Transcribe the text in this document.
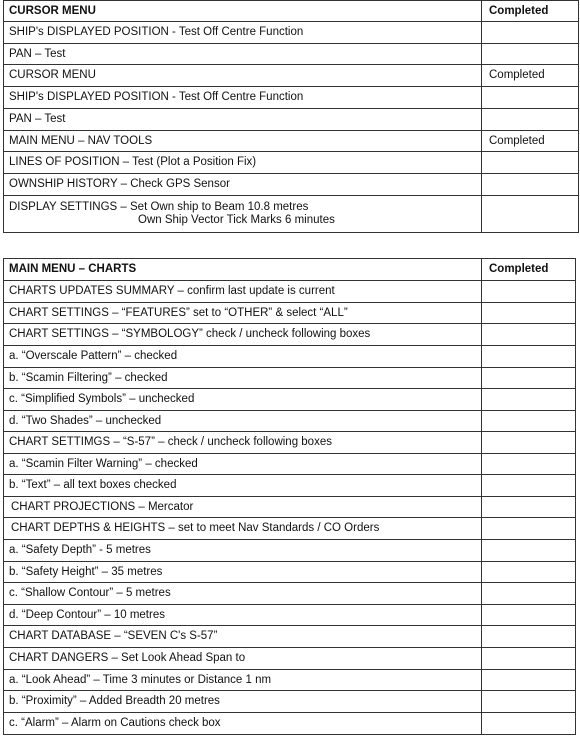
CURSOR MENU	Completed
SHIP's DISPLAYED POSITION - Test Off Centre Function	
PAN – Test	
CURSOR MENU	Completed
SHIP's DISPLAYED POSITION - Test Off Centre Function	
PAN – Test	
MAIN MENU – NAV TOOLS	Completed
LINES OF POSITION – Test (Plot a Position Fix)	
OWNSHIP HISTORY – Check GPS Sensor	
DISPLAY SETTINGS – Set Own ship to Beam 10.8 metres
Own Ship Vector Tick Marks 6 minutes	

MAIN MENU – CHARTS	Completed
CHARTS UPDATES SUMMARY – confirm last update is current	
CHART SETTINGS – “FEATURES” set to “OTHER” & select “ALL”	
CHART SETTINGS – “SYMBOLOGY” check / uncheck following boxes	
a. “Overscale Pattern” – checked	
b. “Scamin Filtering” – checked	
c. “Simplified Symbols” – unchecked	
d. “Two Shades” – unchecked	
CHART SETTIMGS – “S-57” – check / uncheck following boxes	
a. “Scamin Filter Warning” – checked	
b. “Text” – all text boxes checked	
CHART PROJECTIONS – Mercator	
CHART DEPTHS & HEIGHTS – set to meet Nav Standards / CO Orders	
a. “Safety Depth” - 5 metres	
b. “Safety Height” – 35 metres	
c. “Shallow Contour” – 5 metres	
d. “Deep Contour” – 10 metres	
CHART DATABASE – “SEVEN C's S-57”	
CHART DANGERS – Set Look Ahead Span to	
a. “Look Ahead” – Time 3 minutes or Distance 1 nm	
b. “Proximity” – Added Breadth 20 metres	
c. “Alarm” – Alarm on Cautions check box	
